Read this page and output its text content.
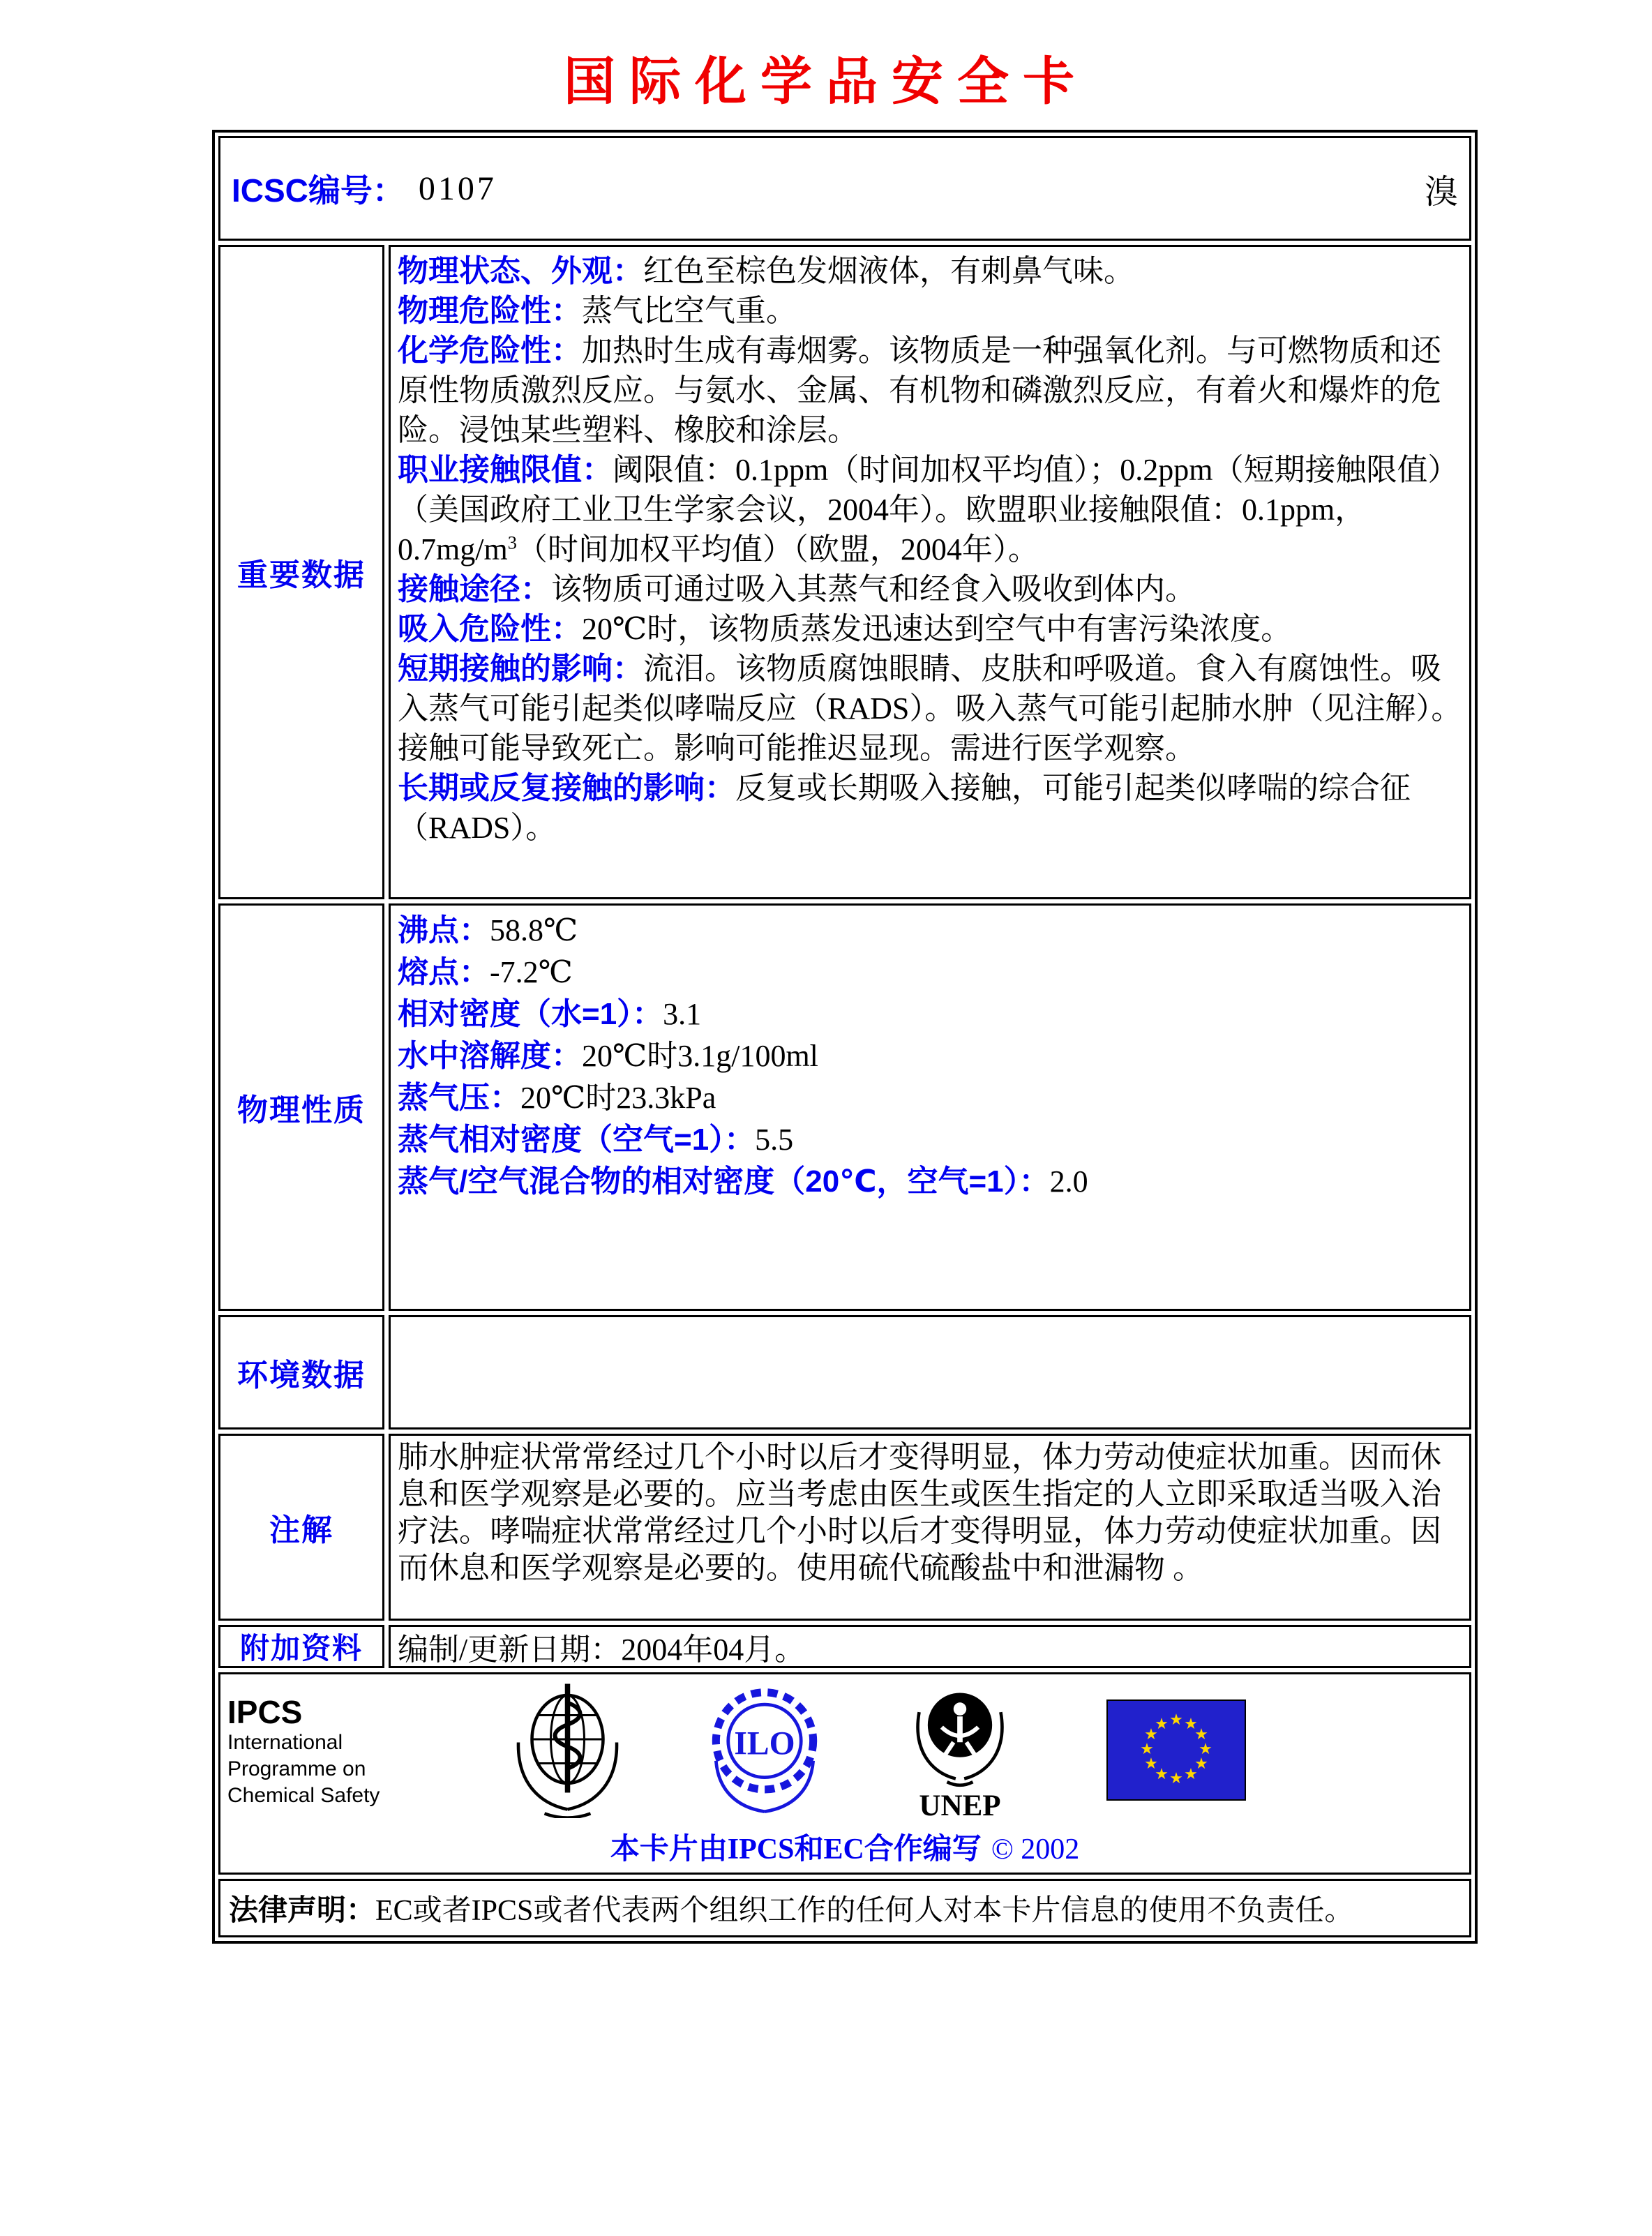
国际化学品安全卡
ICSC编号： 0107	溴
重要数据

物理状态、外观：红色至棕色发烟液体，有刺鼻气味。

物理危险性：蒸气比空气重。

化学危险性：加热时生成有毒烟雾。该物质是一种强氧化剂。与可燃物质和还原性物质激烈反应。与氨水、金属、有机物和磷激烈反应，有着火和爆炸的危险。浸蚀某些塑料、橡胶和涂层。

职业接触限值：阈限值：0.1ppm（时间加权平均值）；0.2ppm（短期接触限值）（美国政府工业卫生学家会议，2004年）。欧盟职业接触限值：0.1ppm，$0.7mg/m^3$（时间加权平均值）（欧盟，2004年）。

接触途径：该物质可通过吸入其蒸气和经食入吸收到体内。

吸入危险性：20℃时，该物质蒸发迅速达到空气中有害污染浓度。

短期接触的影响：流泪。该物质腐蚀眼睛、皮肤和呼吸道。食入有腐蚀性。吸入蒸气可能引起类似哮喘反应（RADS）。吸入蒸气可能引起肺水肿（见注解）。接触可能导致死亡。影响可能推迟显现。需进行医学观察。

长期或反复接触的影响：反复或长期吸入接触，可能引起类似哮喘的综合征（RADS）。

物理性质

沸点：58.8℃

熔点：-7.2℃

相对密度（水=1）：3.1

水中溶解度：20℃时3.1g/100ml

蒸气压：20℃时23.3kPa

蒸气相对密度（空气=1）：5.5

蒸气/空气混合物的相对密度（20℃，空气=1）：2.0

环境数据
注解
肺水肿症状常常经过几个小时以后才变得明显，体力劳动使症状加重。因而休息和医学观察是必要的。应当考虑由医生或医生指定的人立即采取适当吸入治疗法。哮喘症状常常经过几个小时以后才变得明显，体力劳动使症状加重。因而休息和医学观察是必要的。使用硫代硫酸盐中和泄漏物 。
附加资料	编制/更新日期： 2004年04月。
IPCS
International
Programme on
Chemical Safety
ILO
UNEP
★ ★
★
★
★
★
★
★
★
★
★
★
本卡片由IPCS和EC合作编写 © 2002
法律声明： EC或者IPCS或者代表两个组织工作的任何人对本卡片信息的使用不负责任。
